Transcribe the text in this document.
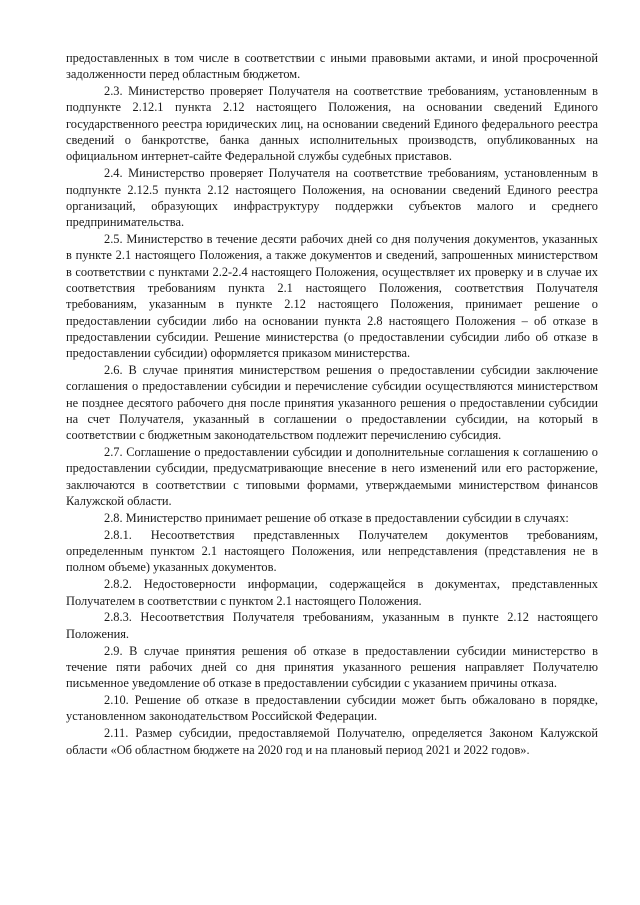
предоставленных в том числе в соответствии с иными правовыми актами, и иной просроченной задолженности перед областным бюджетом.

2.3. Министерство проверяет Получателя на соответствие требованиям, установленным в подпункте 2.12.1 пункта 2.12 настоящего Положения, на основании сведений Единого государственного реестра юридических лиц, на основании сведений Единого федерального реестра сведений о банкротстве, банка данных исполнительных производств, опубликованных на официальном интернет-сайте Федеральной службы судебных приставов.

2.4. Министерство проверяет Получателя на соответствие требованиям, установленным в подпункте 2.12.5 пункта 2.12 настоящего Положения, на основании сведений Единого реестра организаций, образующих инфраструктуру поддержки субъектов малого и среднего предпринимательства.

2.5. Министерство в течение десяти рабочих дней со дня получения документов, указанных в пункте 2.1 настоящего Положения, а также документов и сведений, запрошенных министерством в соответствии с пунктами 2.2-2.4 настоящего Положения, осуществляет их проверку и в случае их соответствия требованиям пункта 2.1 настоящего Положения, соответствия Получателя требованиям, указанным в пункте 2.12 настоящего Положения, принимает решение о предоставлении субсидии либо на основании пункта 2.8 настоящего Положения – об отказе в предоставлении субсидии. Решение министерства (о предоставлении субсидии либо об отказе в предоставлении субсидии) оформляется приказом министерства.

2.6. В случае принятия министерством решения о предоставлении субсидии заключение соглашения о предоставлении субсидии и перечисление субсидии осуществляются министерством не позднее десятого рабочего дня после принятия указанного решения о предоставлении субсидии на счет Получателя, указанный в соглашении о предоставлении субсидии, на который в соответствии с бюджетным законодательством подлежит перечислению субсидия.

2.7. Соглашение о предоставлении субсидии и дополнительные соглашения к соглашению о предоставлении субсидии, предусматривающие внесение в него изменений или его расторжение, заключаются в соответствии с типовыми формами, утверждаемыми министерством финансов Калужской области.

2.8. Министерство принимает решение об отказе в предоставлении субсидии в случаях:

2.8.1. Несоответствия представленных Получателем документов требованиям, определенным пунктом 2.1 настоящего Положения, или непредставления (представления не в полном объеме) указанных документов.

2.8.2. Недостоверности информации, содержащейся в документах, представленных Получателем в соответствии с пунктом 2.1 настоящего Положения.

2.8.3. Несоответствия Получателя требованиям, указанным в пункте 2.12 настоящего Положения.

2.9. В случае принятия решения об отказе в предоставлении субсидии министерство в течение пяти рабочих дней со дня принятия указанного решения направляет Получателю письменное уведомление об отказе в предоставлении субсидии с указанием причины отказа.

2.10. Решение об отказе в предоставлении субсидии может быть обжаловано в порядке, установленном законодательством Российской Федерации.

2.11. Размер субсидии, предоставляемой Получателю, определяется Законом Калужской области «Об областном бюджете на 2020 год и на плановый период 2021 и 2022 годов».
